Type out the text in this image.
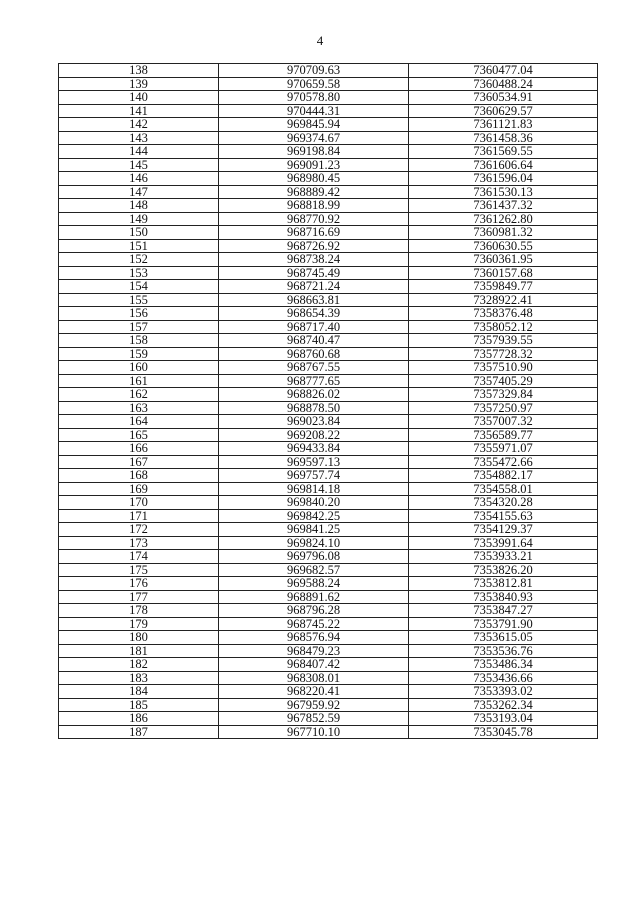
4
138	970709.63	7360477.04
139	970659.58	7360488.24
140	970578.80	7360534.91
141	970444.31	7360629.57
142	969845.94	7361121.83
143	969374.67	7361458.36
144	969198.84	7361569.55
145	969091.23	7361606.64
146	968980.45	7361596.04
147	968889.42	7361530.13
148	968818.99	7361437.32
149	968770.92	7361262.80
150	968716.69	7360981.32
151	968726.92	7360630.55
152	968738.24	7360361.95
153	968745.49	7360157.68
154	968721.24	7359849.77
155	968663.81	7328922.41
156	968654.39	7358376.48
157	968717.40	7358052.12
158	968740.47	7357939.55
159	968760.68	7357728.32
160	968767.55	7357510.90
161	968777.65	7357405.29
162	968826.02	7357329.84
163	968878.50	7357250.97
164	969023.84	7357007.32
165	969208.22	7356589.77
166	969433.84	7355971.07
167	969597.13	7355472.66
168	969757.74	7354882.17
169	969814.18	7354558.01
170	969840.20	7354320.28
171	969842.25	7354155.63
172	969841.25	7354129.37
173	969824.10	7353991.64
174	969796.08	7353933.21
175	969682.57	7353826.20
176	969588.24	7353812.81
177	968891.62	7353840.93
178	968796.28	7353847.27
179	968745.22	7353791.90
180	968576.94	7353615.05
181	968479.23	7353536.76
182	968407.42	7353486.34
183	968308.01	7353436.66
184	968220.41	7353393.02
185	967959.92	7353262.34
186	967852.59	7353193.04
187	967710.10	7353045.78
